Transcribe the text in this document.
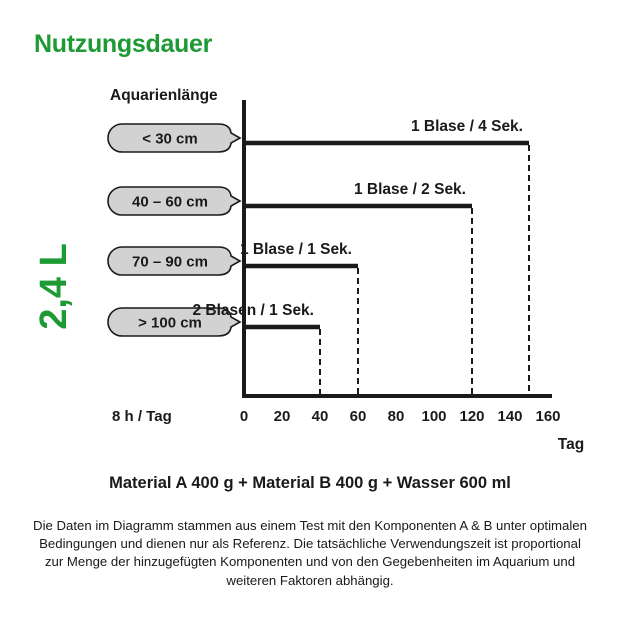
Nutzungsdauer
2,4 L
Aquarienlänge
< 30 cm
1 Blase / 4 Sek.
40 – 60 cm
1 Blase / 2 Sek.
70 – 90 cm
1 Blase / 1 Sek.
> 100 cm
2 Blasen / 1 Sek.
0 20 40 60 80 100 120 140 160
8 h / Tag
Tag
Material A 400 g + Material B 400 g + Wasser 600 ml
Die Daten im Diagramm stammen aus einem Test mit den Komponenten A & B unter optimalen Bedingungen und dienen nur als Referenz. Die tatsächliche Verwendungszeit ist proportional zur Menge der hinzugefügten Komponenten und von den Gegebenheiten im Aquarium und weiteren Faktoren abhängig.
